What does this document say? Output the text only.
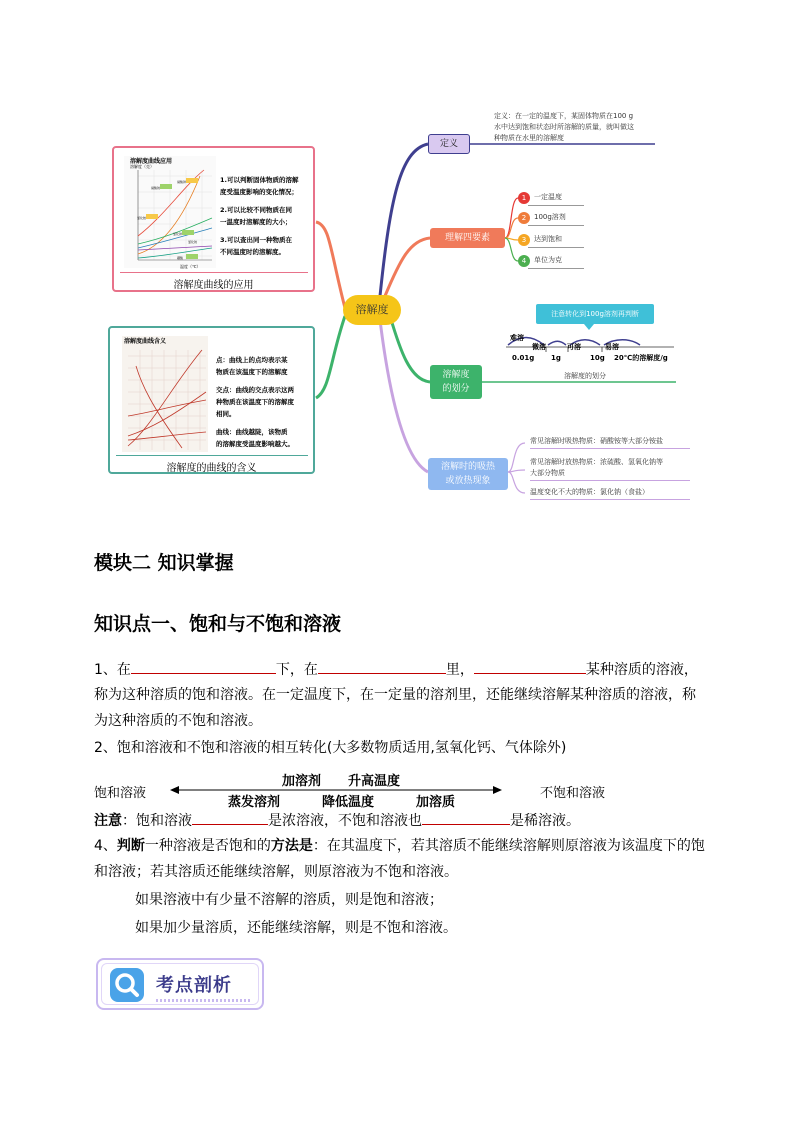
溶解度
定义
定义：在一定的温度下，某固体物质在100 g
水中达到饱和状态时所溶解的质量，就叫做这
种物质在水里的溶解度
理解四要素
1	一定温度
2	100g溶剂
3	达到饱和
4	单位为克
溶解度
的划分
注意转化到100g溶剂再判断
难溶
微溶	可溶	易溶
0.01g 1g	10g 20℃的溶解度/g
溶解度的划分
溶解时的吸热
或放热现象
常见溶解时吸热物质：硝酸铵等大部分铵盐
常见溶解时放热物质：浓硫酸、氢氧化钠等
大部分物质
温度变化不大的物质：氯化钠（食盐）
溶解度曲线应用
溶解度（克）
温度（℃）
硝酸钠
硝酸钾
氯化铵
氯化钾
氯化钠
硼酸
1.可以判断固体物质的溶解
度受温度影响的变化情况；
2.可以比较不同物质在同
一温度时溶解度的大小；
3.可以查出同一种物质在
不同温度时的溶解度。
溶解度曲线的应用
溶解度曲线含义
点：曲线上的点均表示某
物质在该温度下的溶解度
交点：曲线的交点表示这两
种物质在该温度下的溶解度
相同。
曲线：曲线越陡，该物质
的溶解度受温度影响越大。
溶解度的曲线的含义
模块二 知识掌握
知识点一、饱和与不饱和溶液
1、在	下，在	里，	某种溶质的溶液，
称为这种溶质的饱和溶液。在一定温度下，在一定量的溶剂里，还能继续溶解某种溶质的溶液，称
为这种溶质的不饱和溶液。
2、饱和溶液和不饱和溶液的相互转化(大多数物质适用,氢氧化钙、气体除外)
饱和溶液	不饱和溶液
加溶剂 升高温度
蒸发溶剂	降低温度	加溶质
注意：饱和溶液	是浓溶液，不饱和溶液也	是稀溶液。
4、判断一种溶液是否饱和的方法是：在其温度下，若其溶质不能继续溶解则原溶液为该温度下的饱
和溶液；若其溶质还能继续溶解，则原溶液为不饱和溶液。
如果溶液中有少量不溶解的溶质，则是饱和溶液；
如果加少量溶质，还能继续溶解，则是不饱和溶液。
考点剖析
